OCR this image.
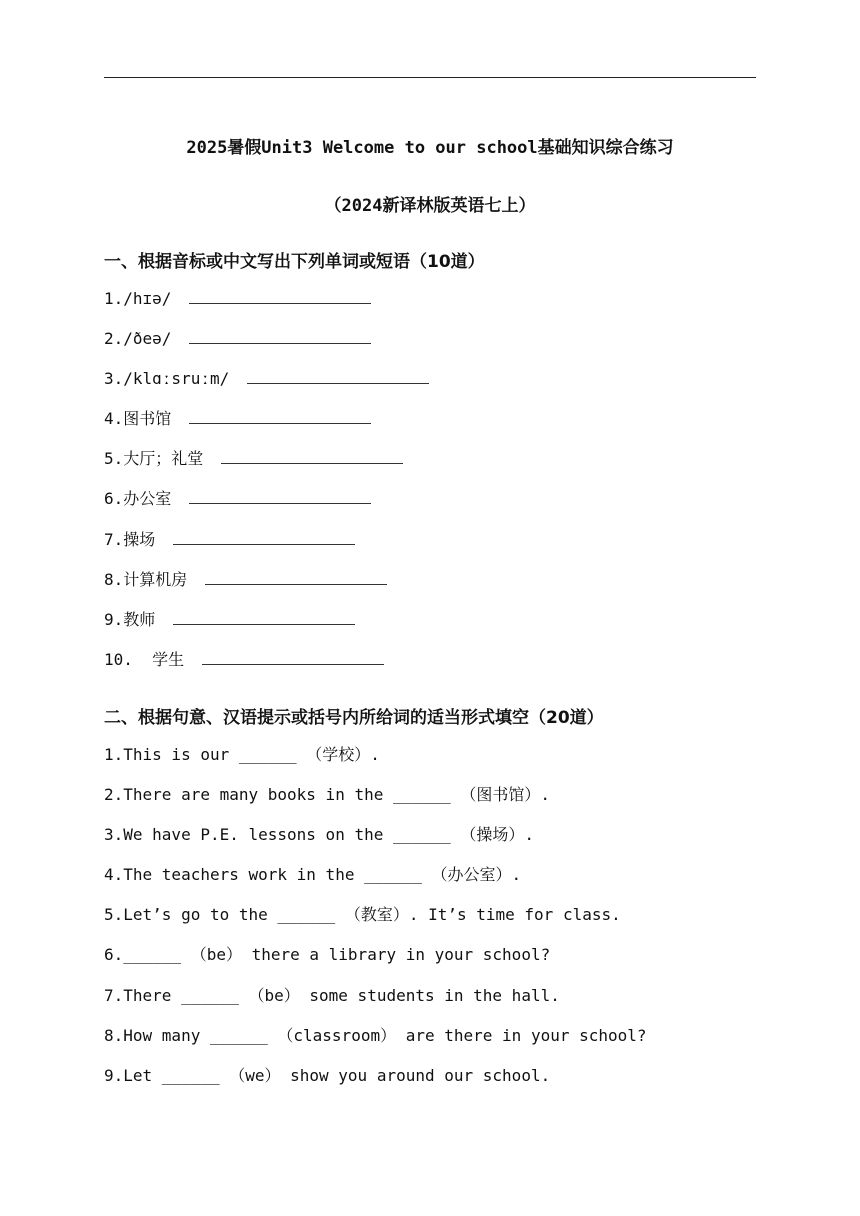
2025暑假Unit3 Welcome to our school基础知识综合练习
（2024新译林版英语七上）
一、根据音标或中文写出下列单词或短语（10道）
1./hɪə/
2./ðeə/
3./klɑːsruːm/
4.图书馆
5.大厅；礼堂
6.办公室
7.操场
8.计算机房
9.教师
10.  学生
二、根据句意、汉语提示或括号内所给词的适当形式填空（20道）
1.This is our ______ （学校）.
2.There are many books in the ______ （图书馆）.
3.We have P.E. lessons on the ______ （操场）.
4.The teachers work in the ______ （办公室）.
5.Let’s go to the ______ （教室）. It’s time for class.
6.______ （be） there a library in your school?
7.There ______ （be） some students in the hall.
8.How many ______ （classroom） are there in your school?
9.Let ______ （we） show you around our school.
